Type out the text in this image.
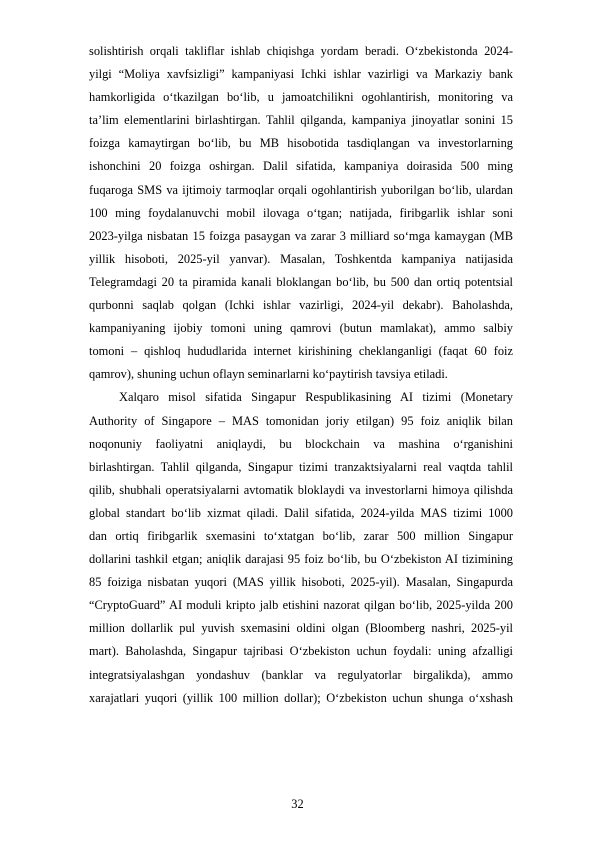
solishtirish orqali takliflar ishlab chiqishga yordam beradi. O‘zbekistonda 2024-
yilgi “Moliya xavfsizligi” kampaniyasi Ichki ishlar vazirligi va Markaziy bank
hamkorligida o‘tkazilgan bo‘lib, u jamoatchilikni ogohlantirish, monitoring va
ta’lim elementlarini birlashtirgan. Tahlil qilganda, kampaniya jinoyatlar sonini 15
foizga kamaytirgan bo‘lib, bu MB hisobotida tasdiqlangan va investorlarning
ishonchini 20 foizga oshirgan. Dalil sifatida, kampaniya doirasida 500 ming
fuqaroga SMS va ijtimoiy tarmoqlar orqali ogohlantirish yuborilgan bo‘lib, ulardan
100 ming foydalanuvchi mobil ilovaga o‘tgan; natijada, firibgarlik ishlar soni
2023-yilga nisbatan 15 foizga pasaygan va zarar 3 milliard so‘mga kamaygan (MB
yillik hisoboti, 2025-yil yanvar). Masalan, Toshkentda kampaniya natijasida
Telegramdagi 20 ta piramida kanali bloklangan bo‘lib, bu 500 dan ortiq potentsial
qurbonni saqlab qolgan (Ichki ishlar vazirligi, 2024-yil dekabr). Baholashda,
kampaniyaning ijobiy tomoni uning qamrovi (butun mamlakat), ammo salbiy
tomoni – qishloq hududlarida internet kirishining cheklanganligi (faqat 60 foiz
qamrov), shuning uchun oflayn seminarlarni ko‘paytirish tavsiya etiladi.
Xalqaro misol sifatida Singapur Respublikasining AI tizimi (Monetary
Authority of Singapore – MAS tomonidan joriy etilgan) 95 foiz aniqlik bilan
noqonuniy faoliyatni aniqlaydi, bu blockchain va mashina o‘rganishini
birlashtirgan. Tahlil qilganda, Singapur tizimi tranzaktsiyalarni real vaqtda tahlil
qilib, shubhali operatsiyalarni avtomatik bloklaydi va investorlarni himoya qilishda
global standart bo‘lib xizmat qiladi. Dalil sifatida, 2024-yilda MAS tizimi 1000
dan ortiq firibgarlik sxemasini to‘xtatgan bo‘lib, zarar 500 million Singapur
dollarini tashkil etgan; aniqlik darajasi 95 foiz bo‘lib, bu O‘zbekiston AI tizimining
85 foiziga nisbatan yuqori (MAS yillik hisoboti, 2025-yil). Masalan, Singapurda
“CryptoGuard” AI moduli kripto jalb etishini nazorat qilgan bo‘lib, 2025-yilda 200
million dollarlik pul yuvish sxemasini oldini olgan (Bloomberg nashri, 2025-yil
mart). Baholashda, Singapur tajribasi O‘zbekiston uchun foydali: uning afzalligi
integratsiyalashgan yondashuv (banklar va regulyatorlar birgalikda), ammo
xarajatlari yuqori (yillik 100 million dollar); O‘zbekiston uchun shunga o‘xshash
32
